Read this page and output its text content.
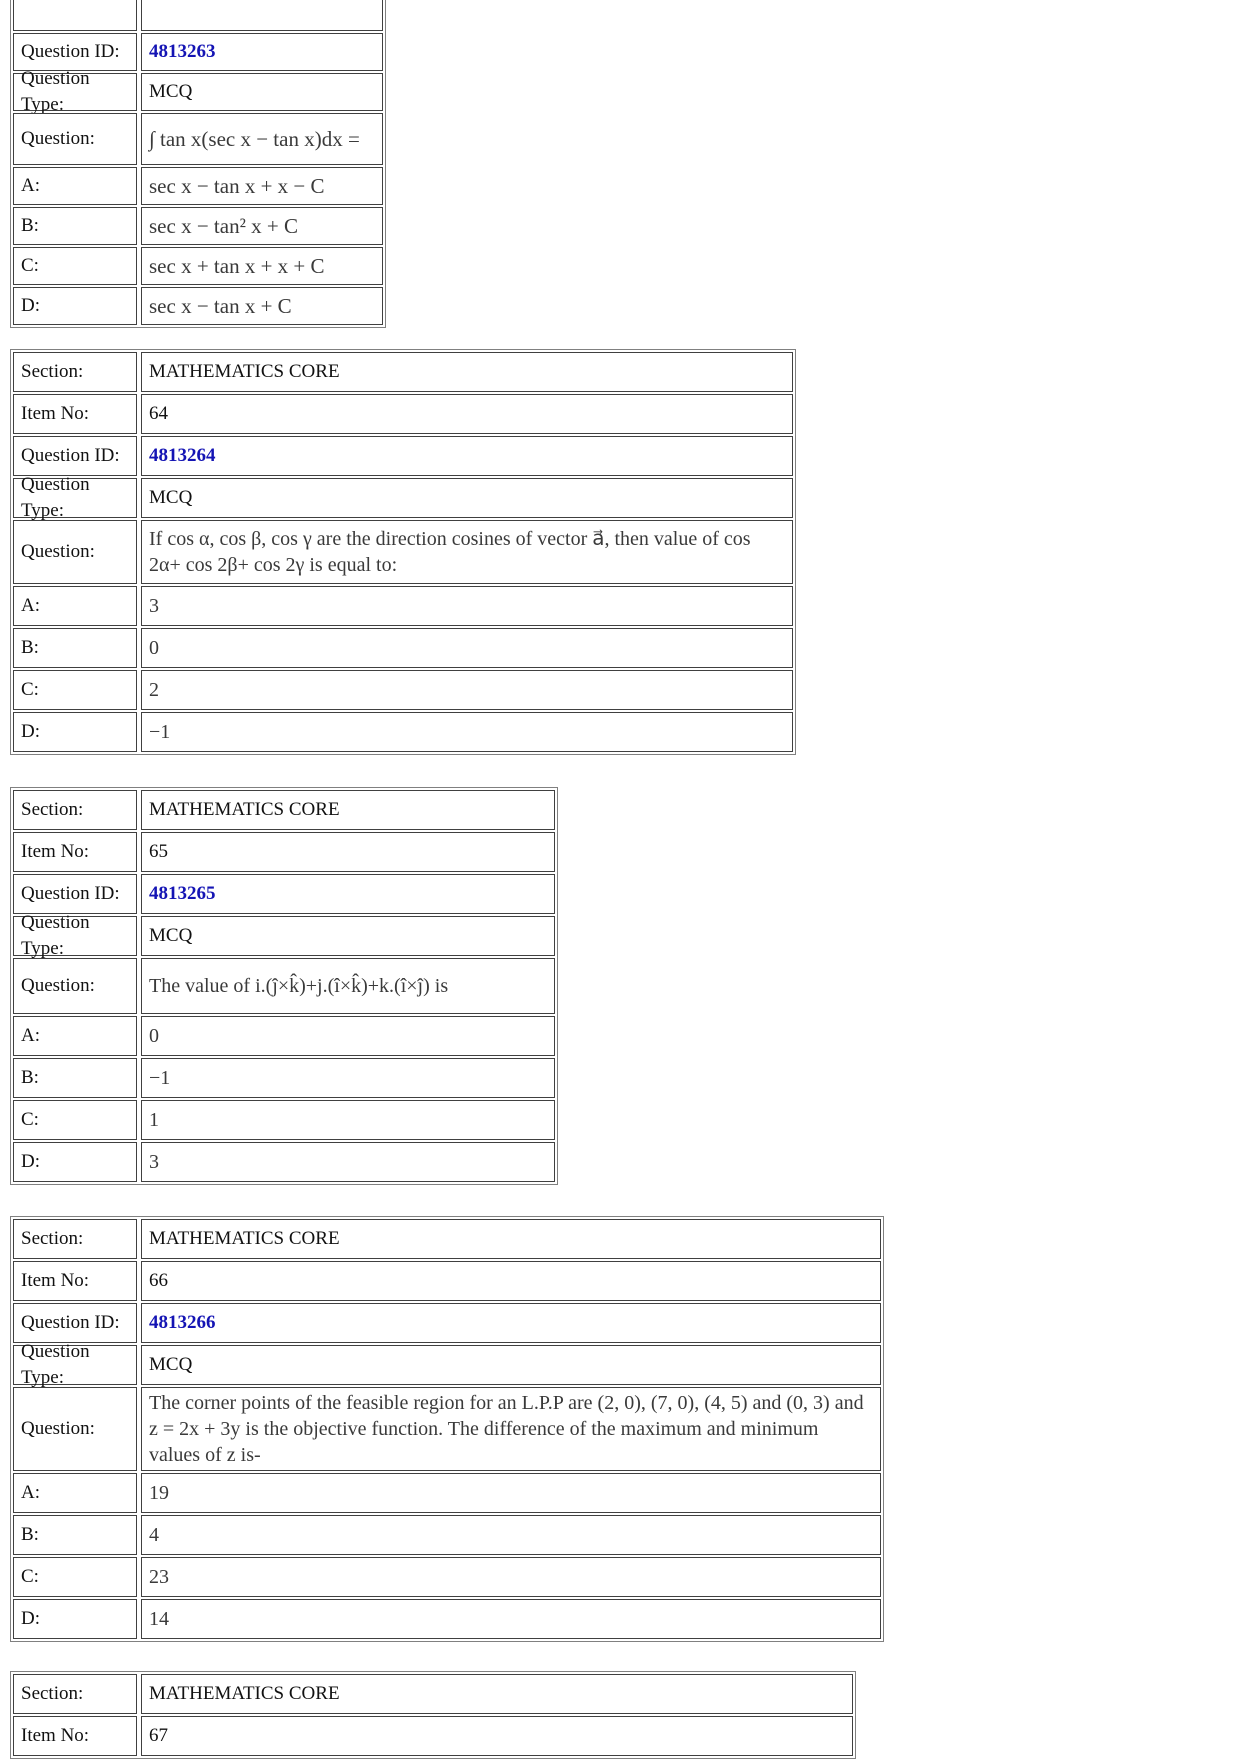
Question ID:	4813263
Question Type:
MCQ
Question:	∫ tan x(sec x − tan x)dx =
A:	sec x − tan x + x − C
B:	sec x − tan² x + C
C:	sec x + tan x + x + C
D:	sec x − tan x + C
Section:	MATHEMATICS CORE
Item No:	64
Question ID:	4813264
Question Type:
MCQ
Question:
If cos α, cos β, cos γ are the direction cosines of vector a⃗, then value of cos 2α+ cos 2β+ cos 2γ is equal to:
A:	3
B:	0
C:	2
D:	−1
Section:	MATHEMATICS CORE
Item No:	65
Question ID:	4813265
Question Type:
MCQ
Question:	The value of i.(ĵ×k̂)+j.(î×k̂)+k.(î×ĵ) is
A:	0
B:	−1
C:	1
D:	3
Section:	MATHEMATICS CORE
Item No:	66
Question ID:	4813266
Question Type:
MCQ
Question:
The corner points of the feasible region for an L.P.P are (2, 0), (7, 0), (4, 5) and (0, 3) and z = 2x + 3y is the objective function. The difference of the maximum and minimum values of z is-
A:	19
B:	4
C:	23
D:	14
Section:	MATHEMATICS CORE
Item No:	67
